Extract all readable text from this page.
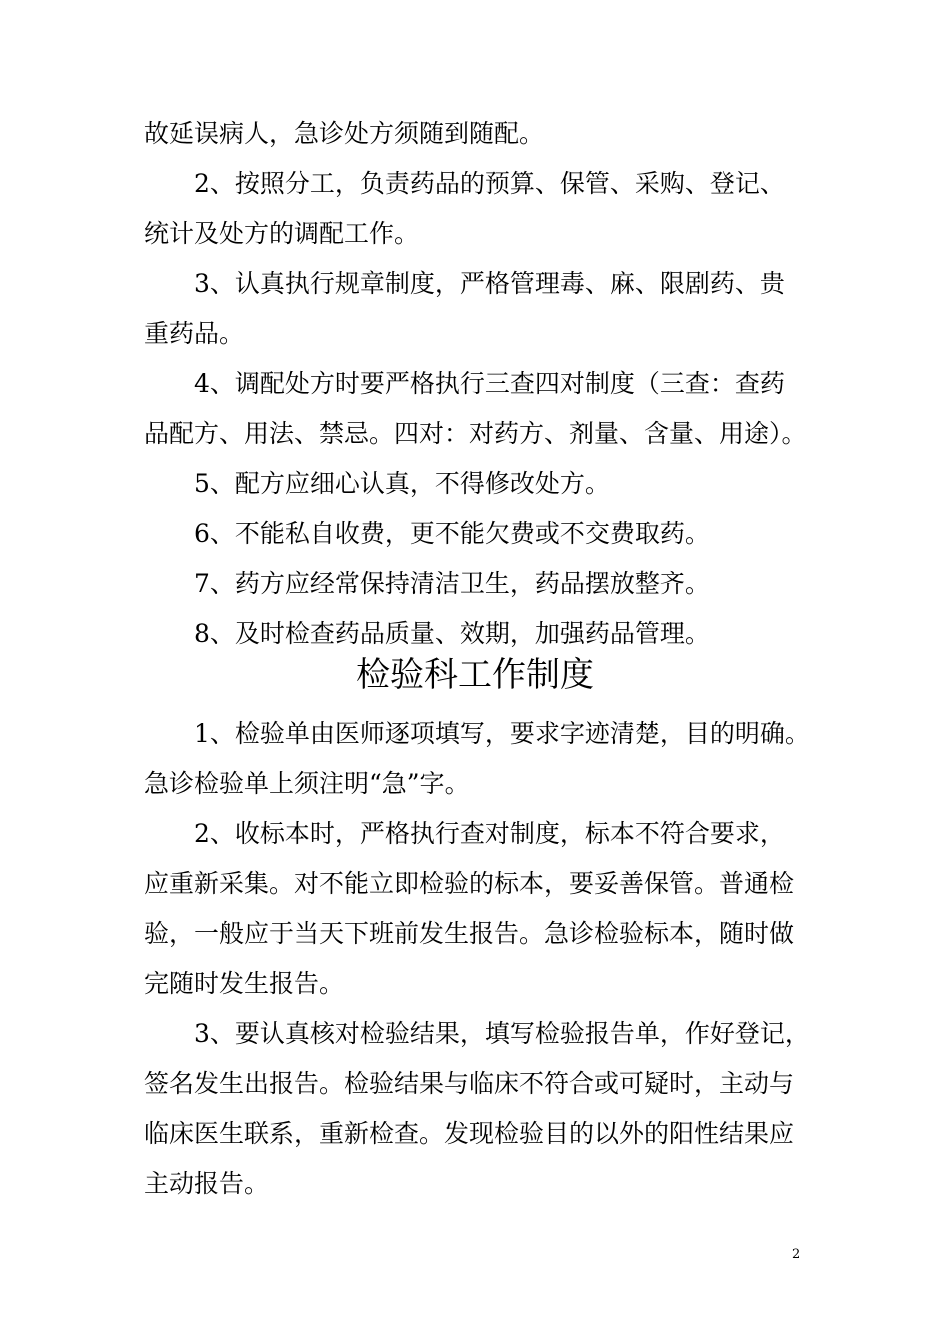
故延误病人，急诊处方须随到随配。
2、按照分工，负责药品的预算、保管、采购、登记、
统计及处方的调配工作。
3、认真执行规章制度，严格管理毒、麻、限剧药、贵
重药品。
4、调配处方时要严格执行三查四对制度（三查：查药
品配方、用法、禁忌。四对：对药方、剂量、含量、用途）。
5、配方应细心认真，不得修改处方。
6、不能私自收费，更不能欠费或不交费取药。
7、药方应经常保持清洁卫生，药品摆放整齐。
8、及时检查药品质量、效期，加强药品管理。
检验科工作制度
1、检验单由医师逐项填写，要求字迹清楚，目的明确。
急诊检验单上须注明“急”字。
2、收标本时，严格执行查对制度，标本不符合要求，
应重新采集。对不能立即检验的标本，要妥善保管。普通检
验，一般应于当天下班前发生报告。急诊检验标本，随时做
完随时发生报告。
3、要认真核对检验结果，填写检验报告单，作好登记，
签名发生出报告。检验结果与临床不符合或可疑时，主动与
临床医生联系，重新检查。发现检验目的以外的阳性结果应
主动报告。
2
